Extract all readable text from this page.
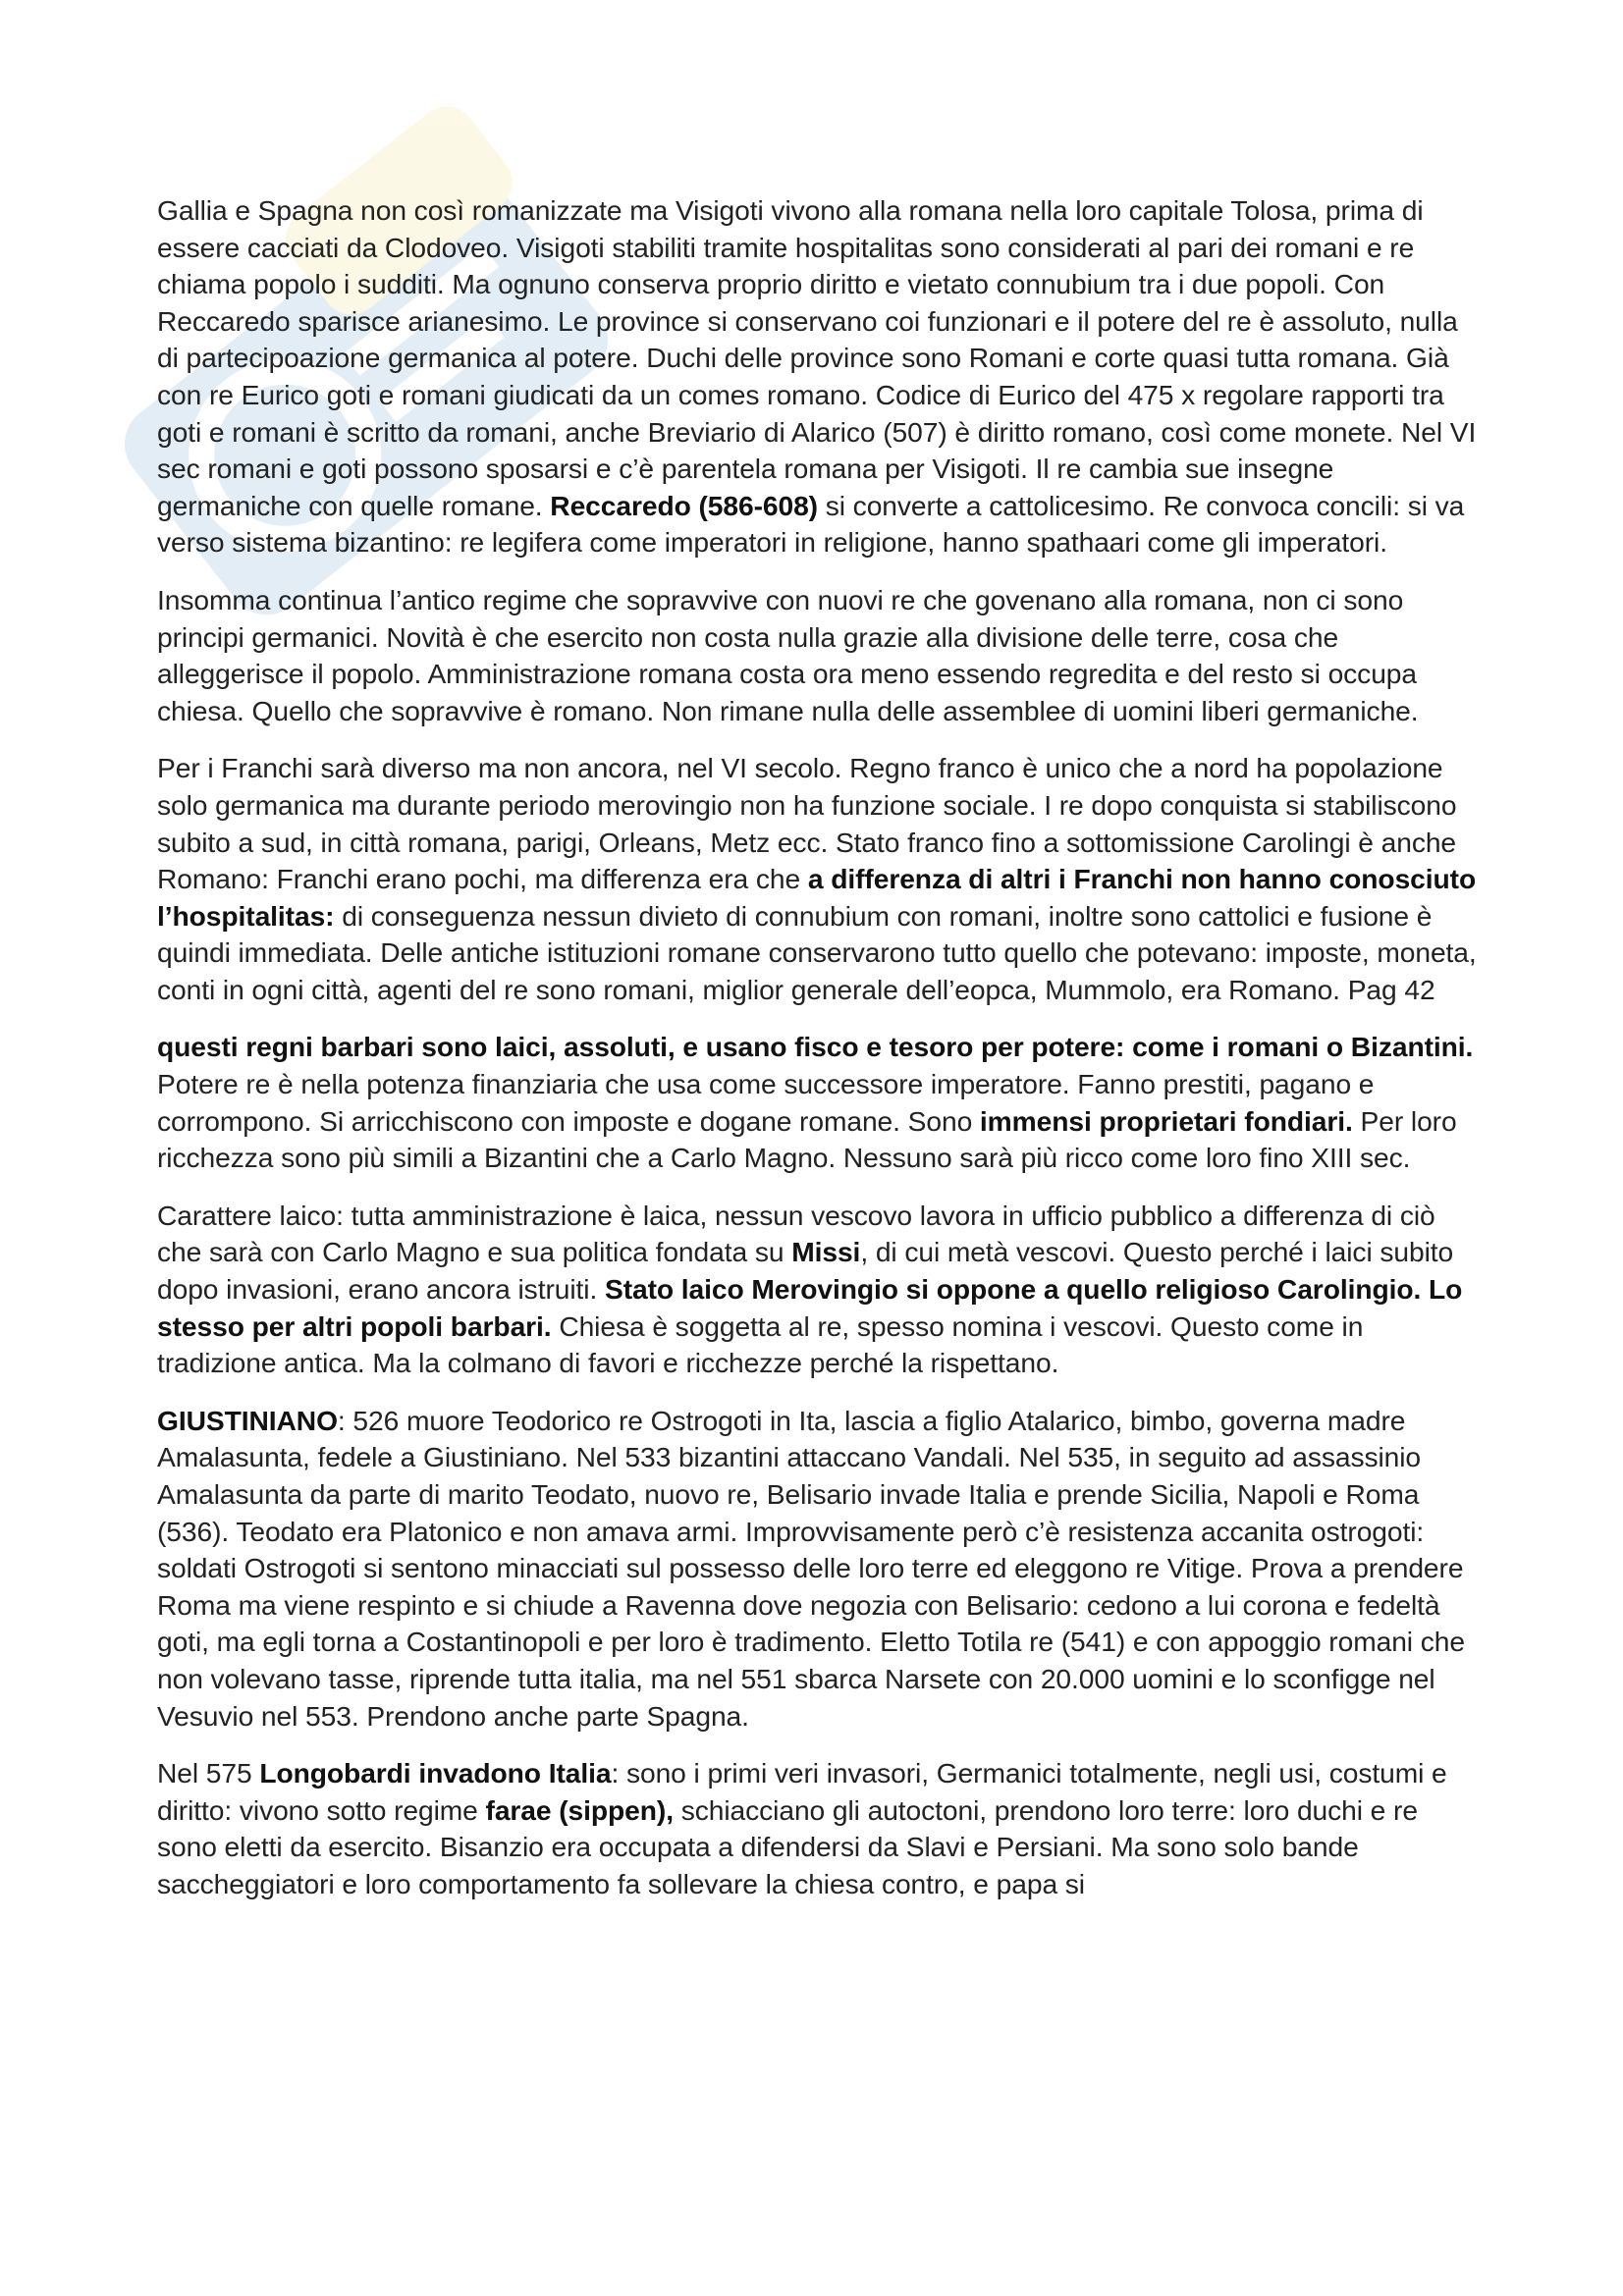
Gallia e Spagna non così romanizzate ma Visigoti vivono alla romana nella loro capitale Tolosa, prima di essere cacciati da Clodoveo. Visigoti stabiliti tramite hospitalitas sono considerati al pari dei romani e re chiama popolo i sudditi. Ma ognuno conserva proprio diritto e vietato connubium tra i due popoli. Con Reccaredo sparisce arianesimo. Le province si conservano coi funzionari e il potere del re è assoluto, nulla di partecipoazione germanica al potere. Duchi delle province sono Romani e corte quasi tutta romana. Già con re Eurico goti e romani giudicati da un comes romano. Codice di Eurico del 475 x regolare rapporti tra goti e romani è scritto da romani, anche Breviario di Alarico (507) è diritto romano, così come monete. Nel VI sec romani e goti possono sposarsi e c’è parentela romana per Visigoti. Il re cambia sue insegne germaniche con quelle romane. Reccaredo (586-608) si converte a cattolicesimo. Re convoca concili: si va verso sistema bizantino: re legifera come imperatori in religione, hanno spathaari come gli imperatori.

Insomma continua l’antico regime che sopravvive con nuovi re che govenano alla romana, non ci sono principi germanici. Novità è che esercito non costa nulla grazie alla divisione delle terre, cosa che alleggerisce il popolo. Amministrazione romana costa ora meno essendo regredita e del resto si occupa chiesa. Quello che sopravvive è romano. Non rimane nulla delle assemblee di uomini liberi germaniche.

Per i Franchi sarà diverso ma non ancora, nel VI secolo. Regno franco è unico che a nord ha popolazione solo germanica ma durante periodo merovingio non ha funzione sociale. I re dopo conquista si stabiliscono subito a sud, in città romana, parigi, Orleans, Metz ecc. Stato franco fino a sottomissione Carolingi è anche Romano: Franchi erano pochi, ma differenza era che a differenza di altri i Franchi non hanno conosciuto l’hospitalitas: di conseguenza nessun divieto di connubium con romani, inoltre sono cattolici e fusione è quindi immediata. Delle antiche istituzioni romane conservarono tutto quello che potevano: imposte, moneta, conti in ogni città, agenti del re sono romani, miglior generale dell’eopca, Mummolo, era Romano. Pag 42

questi regni barbari sono laici, assoluti, e usano fisco e tesoro per potere: come i romani o Bizantini. Potere re è nella potenza finanziaria che usa come successore imperatore. Fanno prestiti, pagano e corrompono. Si arricchiscono con imposte e dogane romane. Sono immensi proprietari fondiari. Per loro ricchezza sono più simili a Bizantini che a Carlo Magno. Nessuno sarà più ricco come loro fino XIII sec.

Carattere laico: tutta amministrazione è laica, nessun vescovo lavora in ufficio pubblico a differenza di ciò che sarà con Carlo Magno e sua politica fondata su Missi, di cui metà vescovi. Questo perché i laici subito dopo invasioni, erano ancora istruiti. Stato laico Merovingio si oppone a quello religioso Carolingio. Lo stesso per altri popoli barbari. Chiesa è soggetta al re, spesso nomina i vescovi. Questo come in tradizione antica. Ma la colmano di favori e ricchezze perché la rispettano.

GIUSTINIANO: 526 muore Teodorico re Ostrogoti in Ita, lascia a figlio Atalarico, bimbo, governa madre Amalasunta, fedele a Giustiniano. Nel 533 bizantini attaccano Vandali. Nel 535, in seguito ad assassinio Amalasunta da parte di marito Teodato, nuovo re, Belisario invade Italia e prende Sicilia, Napoli e Roma (536). Teodato era Platonico e non amava armi. Improvvisamente però c’è resistenza accanita ostrogoti: soldati Ostrogoti si sentono minacciati sul possesso delle loro terre ed eleggono re Vitige. Prova a prendere Roma ma viene respinto e si chiude a Ravenna dove negozia con Belisario: cedono a lui corona e fedeltà goti, ma egli torna a Costantinopoli e per loro è tradimento. Eletto Totila re (541) e con appoggio romani che non volevano tasse, riprende tutta italia, ma nel 551 sbarca Narsete con 20.000 uomini e lo sconfigge nel Vesuvio nel 553. Prendono anche parte Spagna.

Nel 575 Longobardi invadono Italia: sono i primi veri invasori, Germanici totalmente, negli usi, costumi e diritto: vivono sotto regime farae (sippen), schiacciano gli autoctoni, prendono loro terre: loro duchi e re sono eletti da esercito. Bisanzio era occupata a difendersi da Slavi e Persiani. Ma sono solo bande saccheggiatori e loro comportamento fa sollevare la chiesa contro, e papa si
